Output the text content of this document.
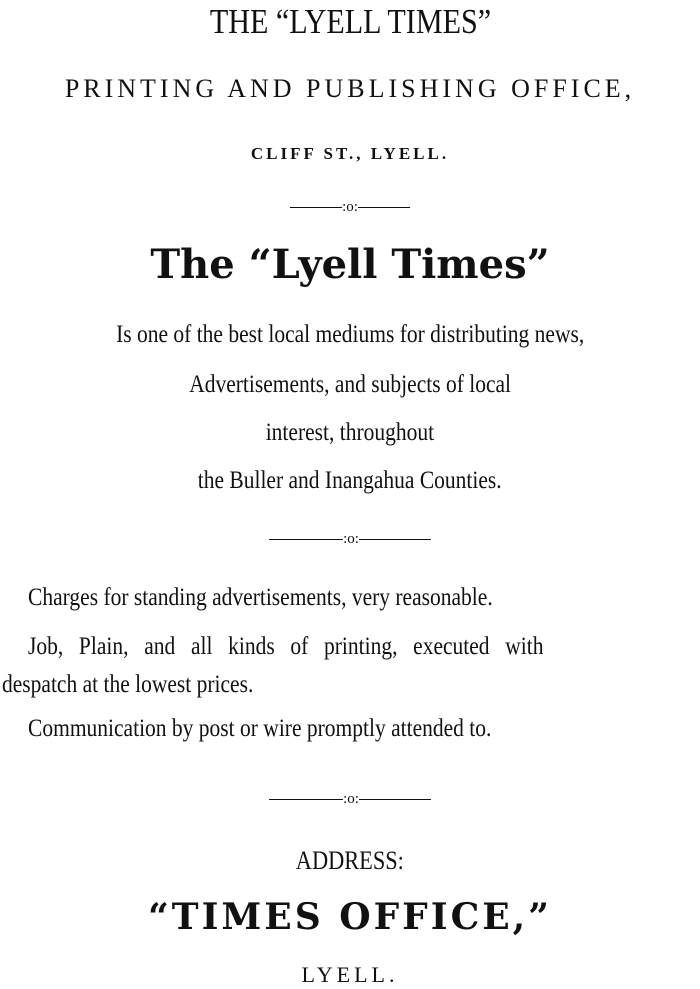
THE “LYELL TIMES”
PRINTING AND PUBLISHING OFFICE,
CLIFF ST., LYELL.
:o:
The “Lyell Times”
Is one of the best local mediums for distributing news,
Advertisements, and subjects of local
interest, throughout
the Buller and Inangahua Counties.
:o:
Charges for standing advertisements, very reasonable.
Job, Plain, and all kinds of printing, executed with
despatch at the lowest prices.
Communication by post or wire promptly attended to.
:o:
ADDRESS:
“TIMES OFFICE,”
LYELL.
